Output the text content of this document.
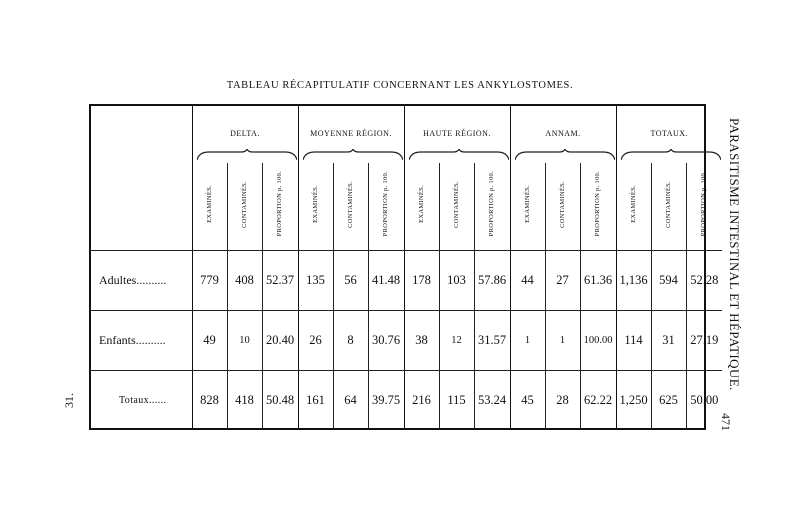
TABLEAU RÉCAPITULATIF CONCERNANT LES ANKYLOSTOMES.
	DELTA.			MOYENNE RÉGION.			HAUTE RÉGION.			ANNAM.			TOTAUX.		

	EXAMINÉS.	CONTAMINÉS.	PROPORTION p. 100.	EXAMINÉS.	CONTAMINÉS.	PROPORTION p. 100.	EXAMINÉS.	CONTAMINÉS.	PROPORTION p. 100.	EXAMINÉS.	CONTAMINÉS.	PROPORTION p. 100.	EXAMINÉS.	CONTAMINÉS.	PROPORTION p. 100.
Adultes..........	779	408	52.37	135	56	41.48	178	103	57.86	44	27	61.36	1,136	594	52.28
Enfants..........	49	10	20.40	26	8	30.76	38	12	31.57	1	1	100.00	114	31	27.19
Totaux......	828	418	50.48	161	64	39.75	216	115	53.24	45	28	62.22	1,250	625	50.00
PARASITISME INTESTINAL ET HÉPATIQUE.
471
31.
